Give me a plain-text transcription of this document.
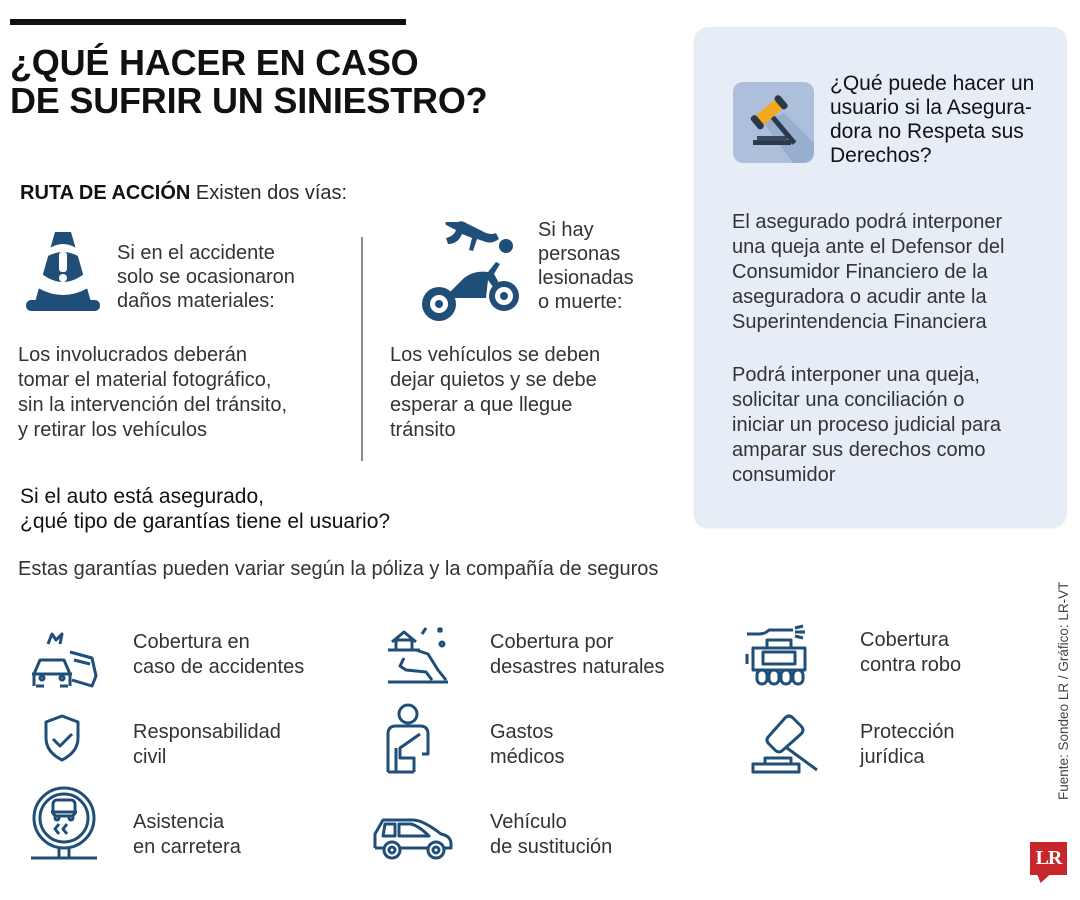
¿QUÉ HACER EN CASO
DE SUFRIR UN SINIESTRO?
RUTA DE ACCIÓN Existen dos vías:
Si en el accidente
solo se ocasionaron
daños materiales:
Los involucrados deberán
tomar el material fotográfico,
sin la intervención del tránsito,
y retirar los vehículos
Si hay
personas
lesionadas
o muerte:
Los vehículos se deben
dejar quietos y se debe
esperar a que llegue
tránsito
Si el auto está asegurado,
¿qué tipo de garantías tiene el usuario?
Estas garantías pueden variar según la póliza y la compañía de seguros
Cobertura en
caso de accidentes
Cobertura por
desastres naturales
Cobertura
contra robo
Responsabilidad
civil
Gastos
médicos
Protección
jurídica
Asistencia
en carretera
Vehículo
de sustitución
¿Qué puede hacer un
usuario si la Asegura-
dora no Respeta sus
Derechos?
El asegurado podrá interponer
una queja ante el Defensor del
Consumidor Financiero de la
aseguradora o acudir ante la
Superintendencia Financiera
Podrá interponer una queja,
solicitar una conciliación o
iniciar un proceso judicial para
amparar sus derechos como
consumidor
Fuente: Sondeo LR / Gráfico: LR-VT
LR
